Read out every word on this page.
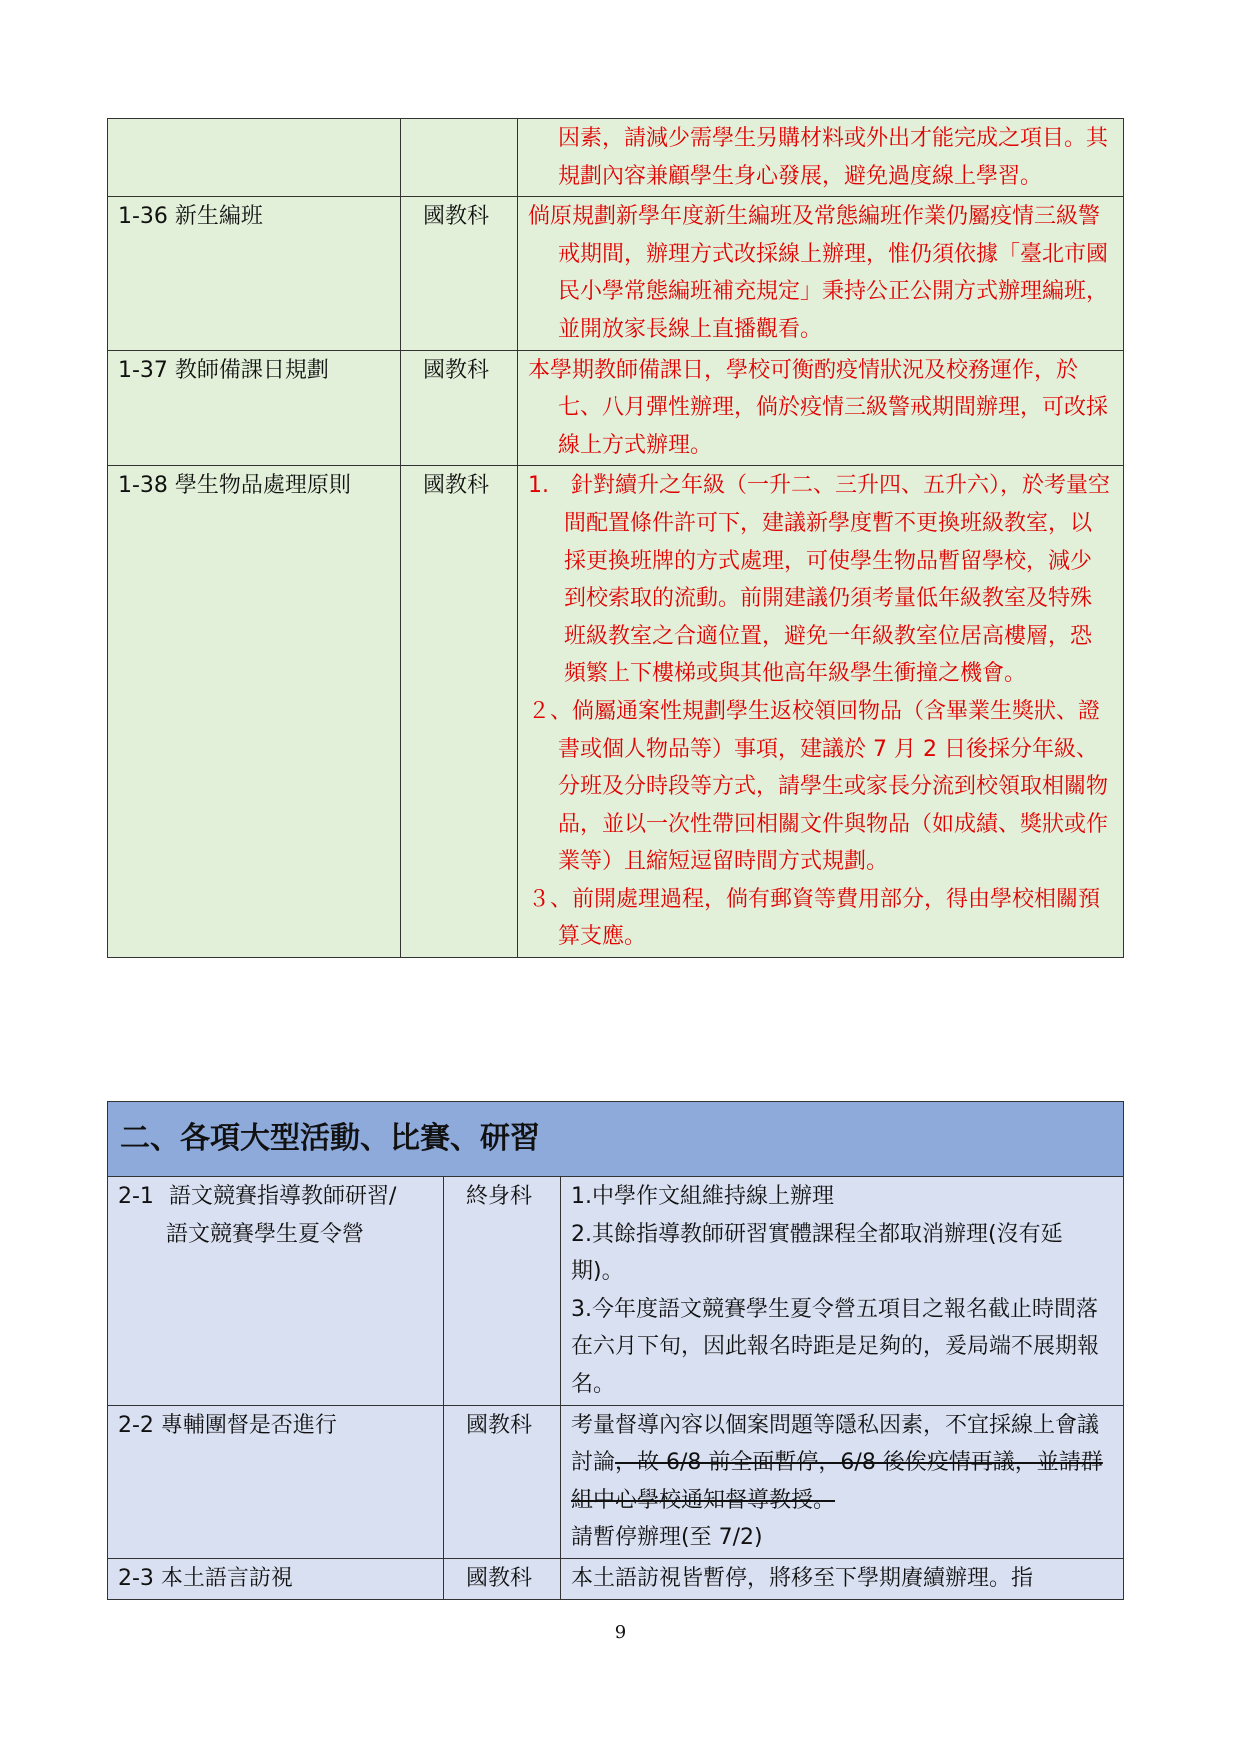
		因素，請減少需學生另購材料或外出才能完成之項目。其規劃內容兼顧學生身心發展，避免過度線上學習。

1-36 新生編班	國教科	倘原規劃新學年度新生編班及常態編班作業仍屬疫情三級警戒期間，辦理方式改採線上辦理，惟仍須依據「臺北市國民小學常態編班補充規定」秉持公正公開方式辦理編班，並開放家長線上直播觀看。

1-37 教師備課日規劃	國教科	本學期教師備課日，學校可衡酌疫情狀況及校務運作，於七、八月彈性辦理，倘於疫情三級警戒期間辦理，可改採線上方式辦理。

1-38 學生物品處理原則	國教科	1.　針對續升之年級（一升二、三升四、五升六），於考量空間配置條件許可下，建議新學度暫不更換班級教室，以採更換班牌的方式處理，可使學生物品暫留學校，減少到校索取的流動。前開建議仍須考量低年級教室及特殊班級教室之合適位置，避免一年級教室位居高樓層，恐頻繁上下樓梯或與其他高年級學生衝撞之機會。
２、倘屬通案性規劃學生返校領回物品（含畢業生獎狀、證書或個人物品等）事項，建議於 7 月 2 日後採分年級、分班及分時段等方式，請學生或家長分流到校領取相關物品，並以一次性帶回相關文件與物品（如成績、獎狀或作業等）且縮短逗留時間方式規劃。
３、前開處理過程，倘有郵資等費用部分，得由學校相關預算支應。
二、各項大型活動、比賽、研習		
2-1 語文競賽指導教師研習/
語文競賽學生夏令營	終身科	1.中學作文組維持線上辦理
2.其餘指導教師研習實體課程全都取消辦理(沒有延期)。
3.今年度語文競賽學生夏令營五項目之報名截止時間落在六月下旬，因此報名時距是足夠的，爰局端不展期報名。

2-2 專輔團督是否進行	國教科	考量督導內容以個案問題等隱私因素，不宜採線上會議討論，故 6/8 前全面暫停，6/8 後俟疫情再議，並請群組中心學校通知督導教授。
請暫停辦理(至 7/2)

2-3 本土語言訪視	國教科	本土語訪視皆暫停，將移至下學期賡續辦理。指
9
